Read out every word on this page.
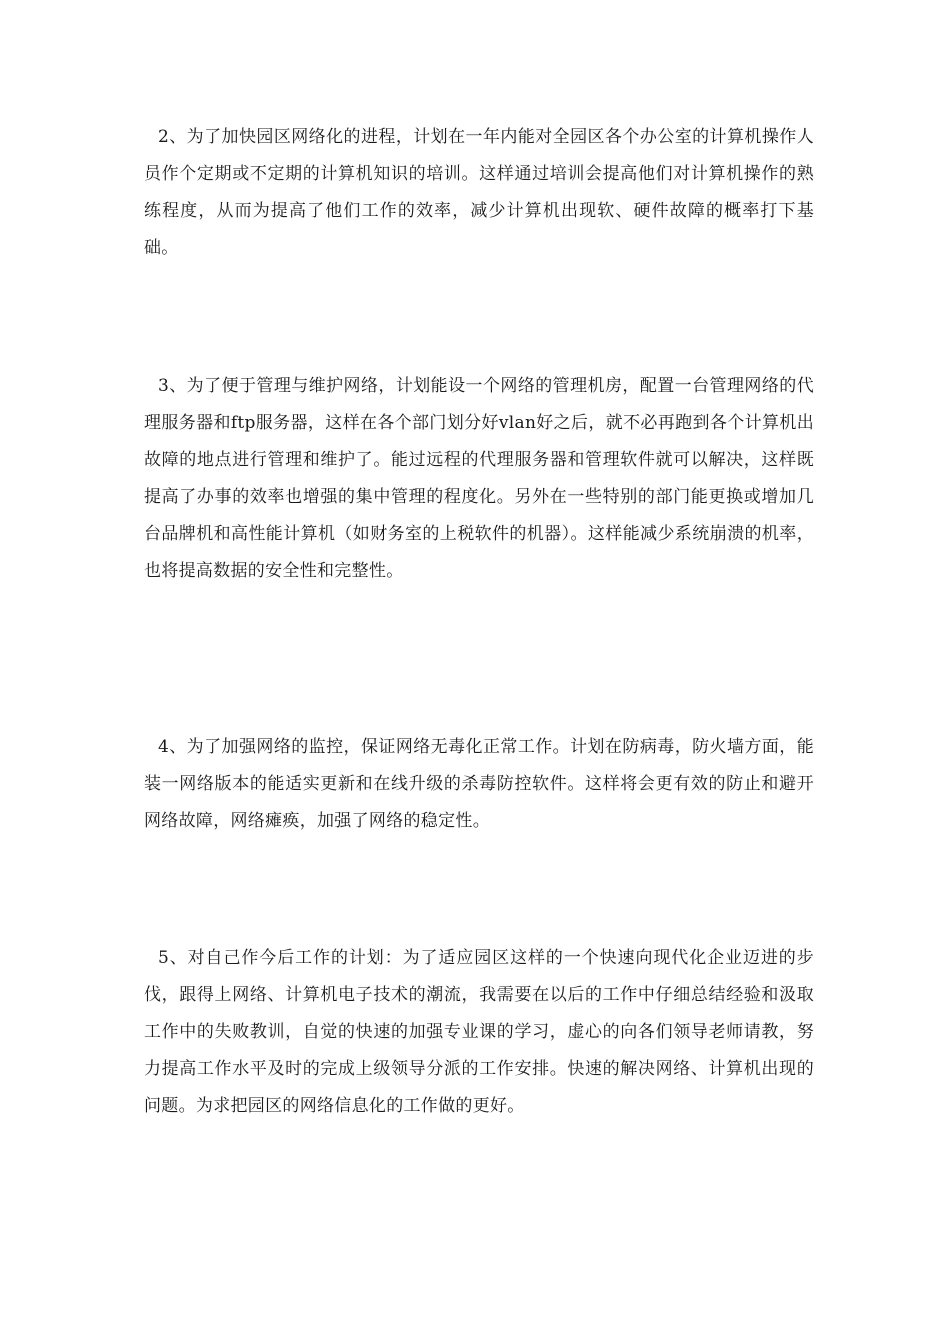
2、为了加快园区网络化的进程，计划在一年内能对全园区各个办公室的计算机操作人员作个定期或不定期的计算机知识的培训。这样通过培训会提高他们对计算机操作的熟练程度，从而为提高了他们工作的效率，减少计算机出现软、硬件故障的概率打下基础。

3、为了便于管理与维护网络，计划能设一个网络的管理机房，配置一台管理网络的代理服务器和ftp服务器，这样在各个部门划分好vlan好之后，就不必再跑到各个计算机出故障的地点进行管理和维护了。能过远程的代理服务器和管理软件就可以解决，这样既提高了办事的效率也增强的集中管理的程度化。另外在一些特别的部门能更换或增加几台品牌机和高性能计算机（如财务室的上税软件的机器）。这样能减少系统崩溃的机率，也将提高数据的安全性和完整性。

4、为了加强网络的监控，保证网络无毒化正常工作。计划在防病毒，防火墙方面，能装一网络版本的能适实更新和在线升级的杀毒防控软件。这样将会更有效的防止和避开网络故障，网络瘫痪，加强了网络的稳定性。

5、对自己作今后工作的计划：为了适应园区这样的一个快速向现代化企业迈进的步伐，跟得上网络、计算机电子技术的潮流，我需要在以后的工作中仔细总结经验和汲取工作中的失败教训，自觉的快速的加强专业课的学习，虚心的向各们领导老师请教，努力提高工作水平及时的完成上级领导分派的工作安排。快速的解决网络、计算机出现的问题。为求把园区的网络信息化的工作做的更好。
